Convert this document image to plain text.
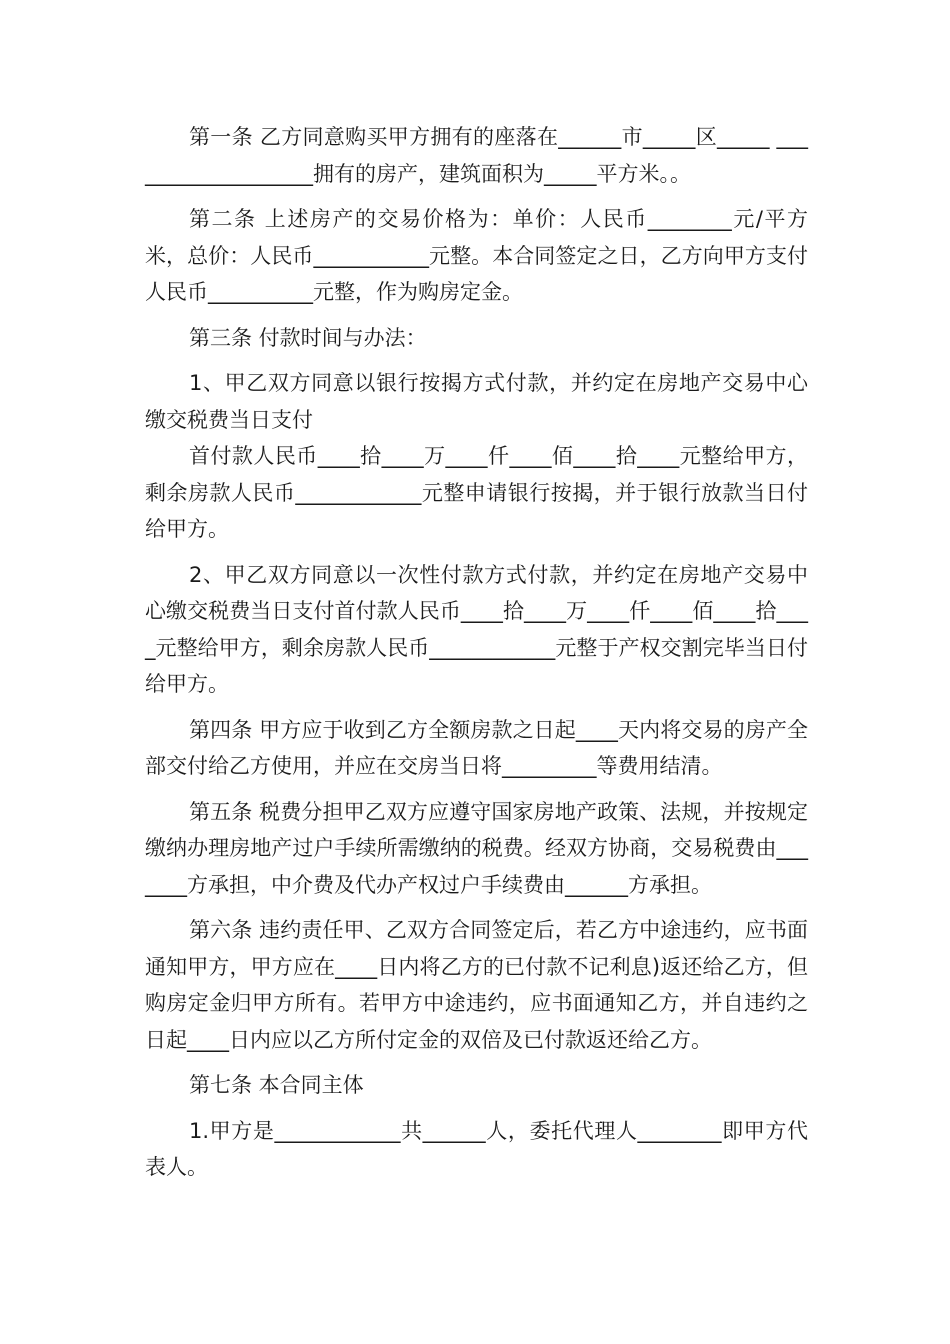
第一条 乙方同意购买甲方拥有的座落在______市_____区_____ ___________________拥有的房产，建筑面积为_____平方米。。

第二条 上述房产的交易价格为：单价：人民币________元/平方米，总价：人民币___________元整。本合同签定之日，乙方向甲方支付人民币__________元整，作为购房定金。

第三条 付款时间与办法：

1、甲乙双方同意以银行按揭方式付款，并约定在房地产交易中心缴交税费当日支付

首付款人民币____拾____万____仟____佰____拾____元整给甲方，剩余房款人民币____________元整申请银行按揭，并于银行放款当日付给甲方。

2、甲乙双方同意以一次性付款方式付款，并约定在房地产交易中心缴交税费当日支付首付款人民币____拾____万____仟____佰____拾____元整给甲方，剩余房款人民币____________元整于产权交割完毕当日付给甲方。

第四条 甲方应于收到乙方全额房款之日起____天内将交易的房产全部交付给乙方使用，并应在交房当日将_________等费用结清。

第五条 税费分担甲乙双方应遵守国家房地产政策、法规，并按规定缴纳办理房地产过户手续所需缴纳的税费。经双方协商，交易税费由_______方承担，中介费及代办产权过户手续费由______方承担。

第六条 违约责任甲、乙双方合同签定后，若乙方中途违约，应书面通知甲方，甲方应在____日内将乙方的已付款不记利息)返还给乙方，但购房定金归甲方所有。若甲方中途违约，应书面通知乙方，并自违约之日起____日内应以乙方所付定金的双倍及已付款返还给乙方。

第七条 本合同主体

1.甲方是____________共______人，委托代理人________即甲方代表人。
